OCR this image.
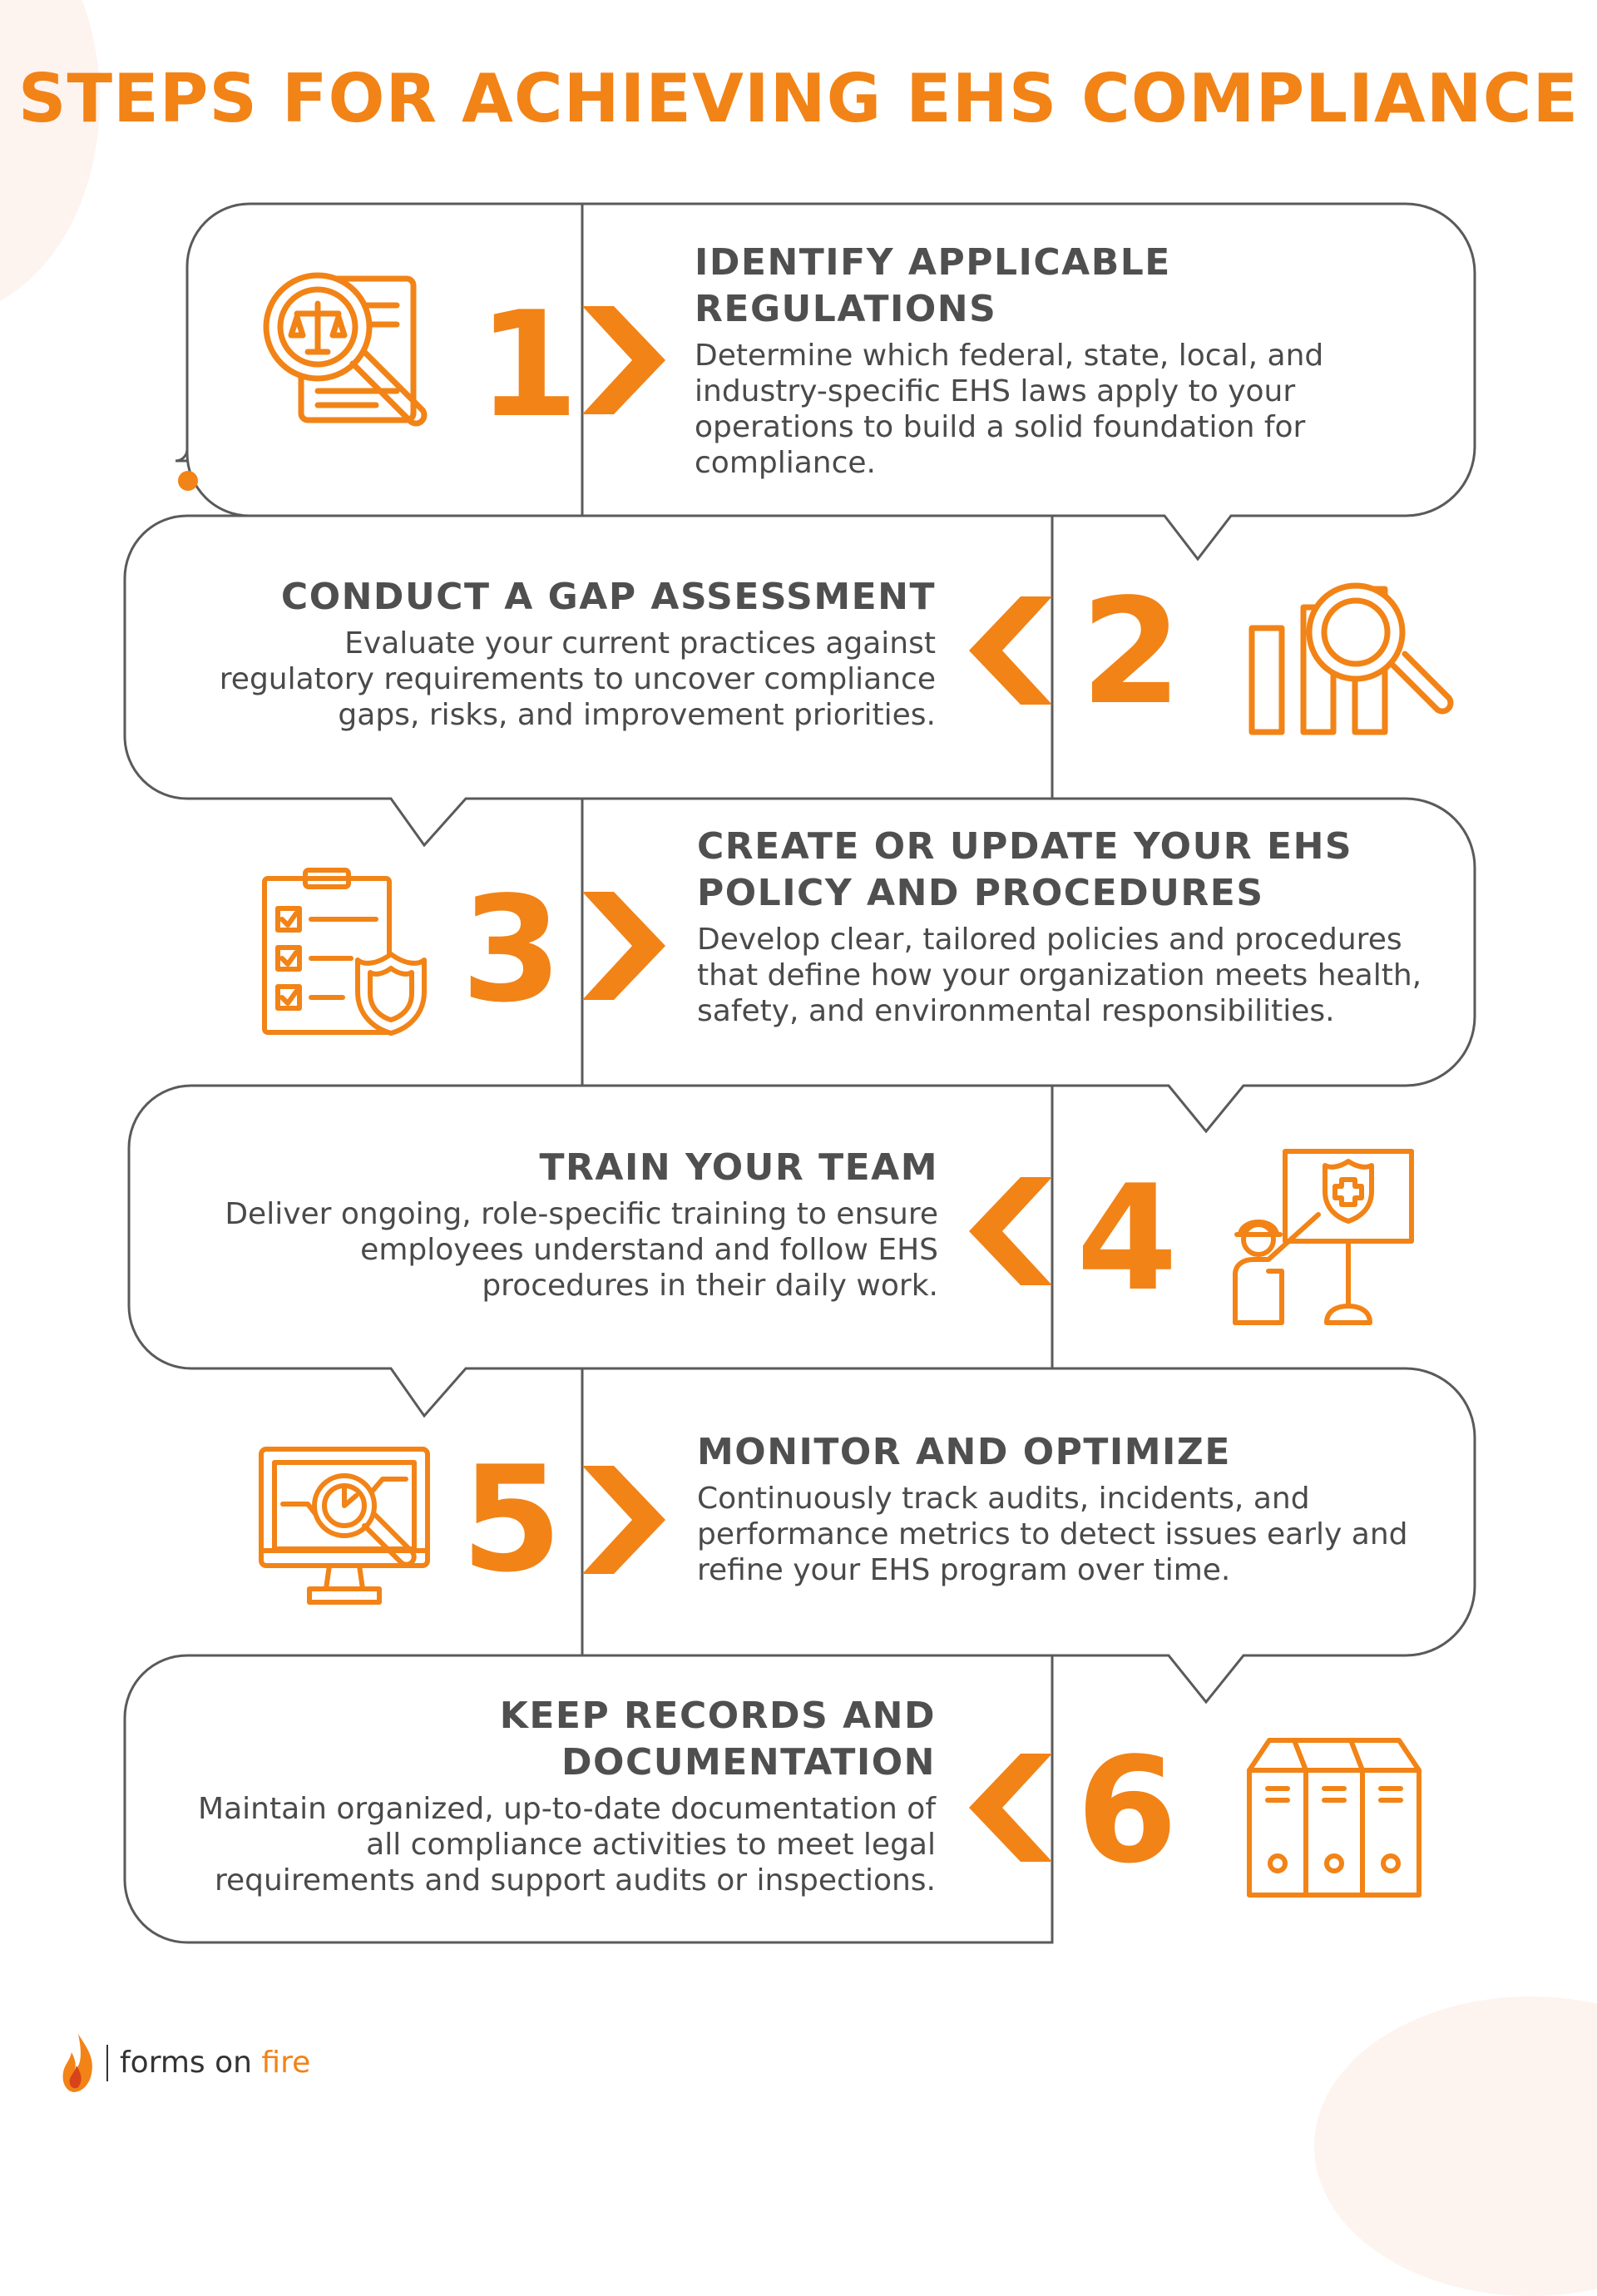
STEPS FOR ACHIEVING EHS COMPLIANCE
1
2
3
4
5
6
IDENTIFY APPLICABLE REGULATIONS

Determine which federal, state, local, and industry-specific EHS laws apply to your operations to build a solid foundation for compliance.

CONDUCT A GAP ASSESSMENT

Evaluate your current practices against regulatory requirements to uncover compliance gaps, risks, and improvement priorities.

CREATE OR UPDATE YOUR EHS POLICY AND PROCEDURES

Develop clear, tailored policies and procedures that define how your organization meets health, safety, and environmental responsibilities.

TRAIN YOUR TEAM

Deliver ongoing, role-specific training to ensure employees understand and follow EHS procedures in their daily work.

MONITOR AND OPTIMIZE

Continuously track audits, incidents, and performance metrics to detect issues early and refine your EHS program over time.

KEEP RECORDS AND DOCUMENTATION

Maintain organized, up-to-date documentation of all compliance activities to meet legal requirements and support audits or inspections.

forms on fire
